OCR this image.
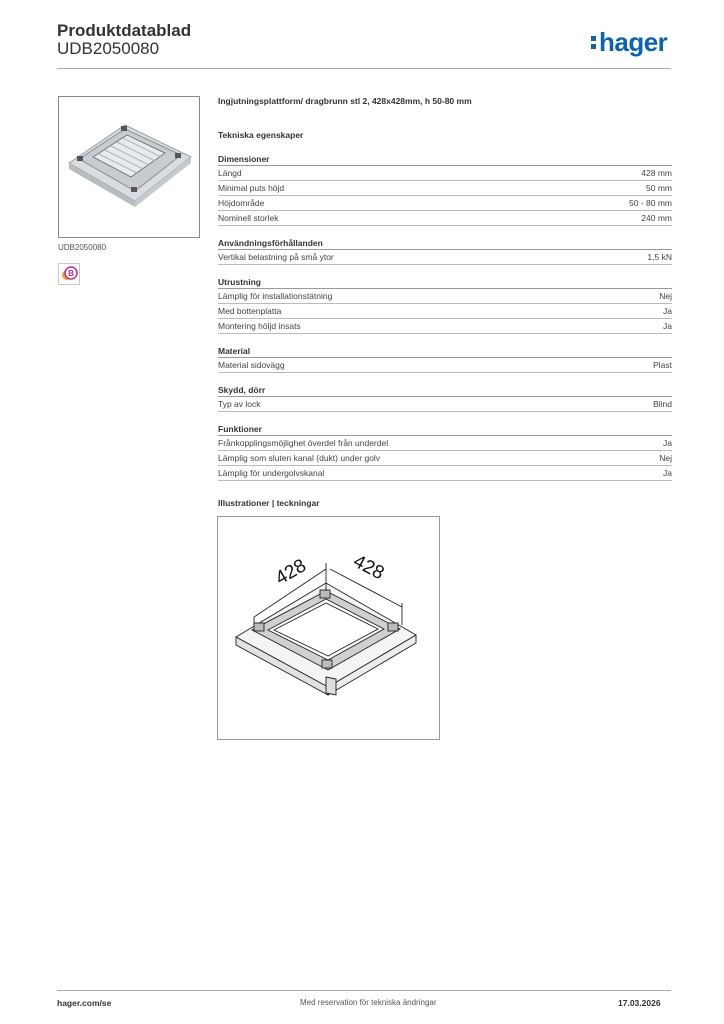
Produktdatablad
UDB2050080	hager
UDB2050080
B
Ingjutningsplattform/ dragbrunn stl 2, 428x428mm, h 50-80 mm
Tekniska egenskaper
Dimensioner
Längd	428 mm
Minimal puts höjd	50 mm
Höjdområde	50 - 80 mm
Nominell storlek	240 mm
Användningsförhållanden
Vertikal belastning på små ytor	1,5 kN
Utrustning
Lämplig för installationstätning	Nej
Med bottenplatta	Ja
Montering höljd insats	Ja
Material
Material sidovägg	Plast
Skydd, dörr
Typ av lock	Blind
Funktioner
Frånkopplingsmöjlighet överdel från underdel	Ja
Lämplig som sluten kanal (dukt) under golv	Nej
Lämplig för undergolvskanal	Ja
Illustrationer | teckningar
428 428
hager.com/se	Med reservation för tekniska ändringar	17.03.2026
